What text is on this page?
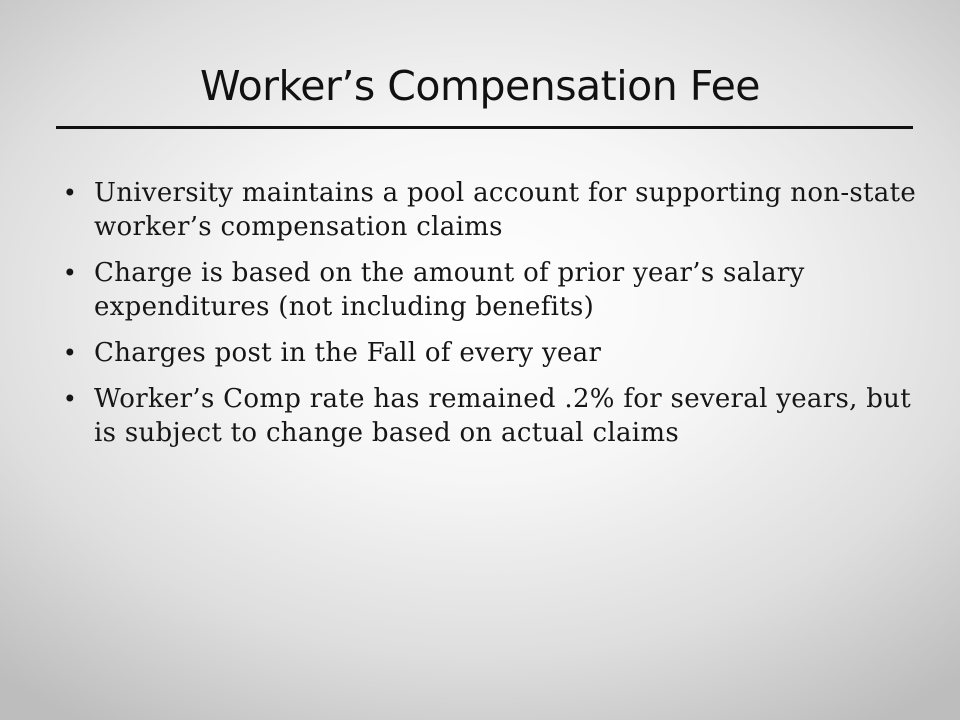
Worker’s Compensation Fee
• University maintains a pool account for supporting non-state worker’s compensation claims
• Charge is based on the amount of prior year’s salary expenditures (not including benefits)
• Charges post in the Fall of every year
• Worker’s Comp rate has remained .2% for several years, but is subject to change based on actual claims
